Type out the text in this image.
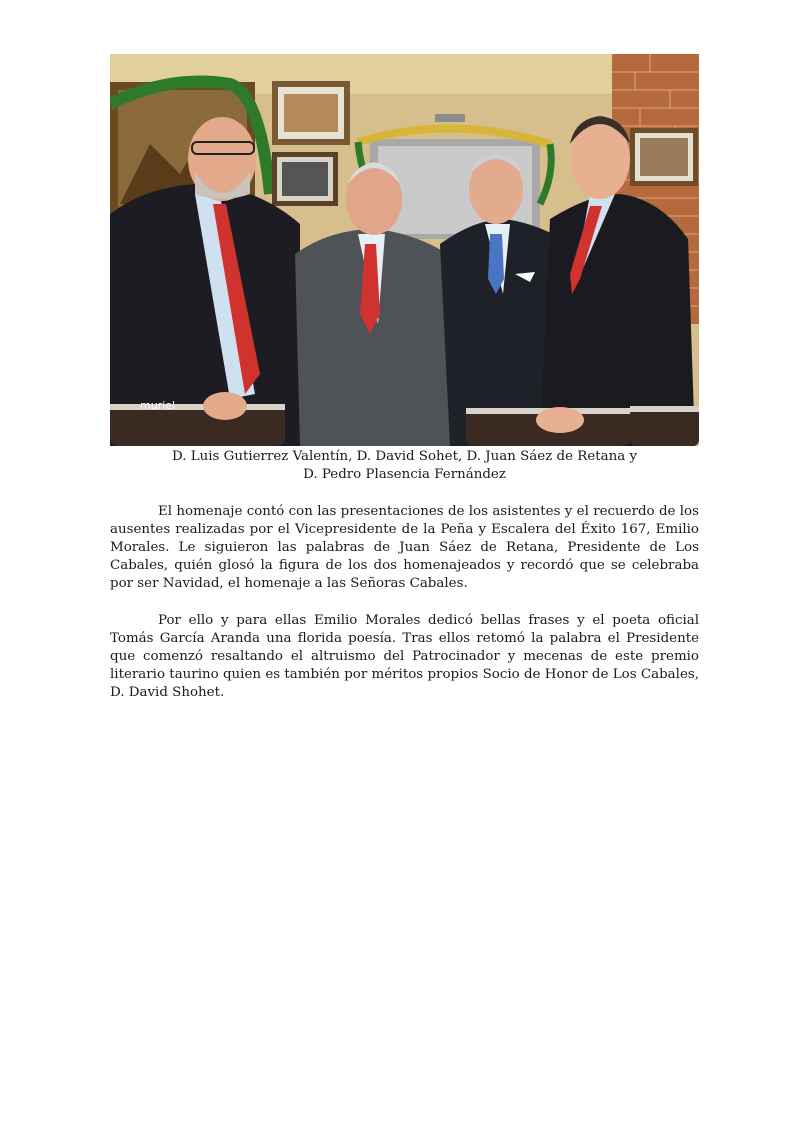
muriel
D. Luis Gutierrez Valentín, D. David Sohet, D. Juan Sáez de Retana y
D. Pedro Plasencia Fernández

El homenaje contó con las presentaciones de los asistentes y el recuerdo de los ausentes realizadas por el Vicepresidente de la Peña y Escalera del Éxito 167, Emilio Morales. Le siguieron las palabras de Juan Sáez de Retana, Presidente de Los Cabales, quién glosó la figura de los dos homenajeados y recordó que se celebraba por ser Navidad, el homenaje a las Señoras Cabales.

Por ello y para ellas Emilio Morales dedicó bellas frases y el poeta oficial Tomás García Aranda una florida poesía. Tras ellos retomó la palabra el Presidente que comenzó resaltando el altruismo del Patrocinador y mecenas de este premio literario taurino quien es también por méritos propios Socio de Honor de Los Cabales, D. David Shohet.
